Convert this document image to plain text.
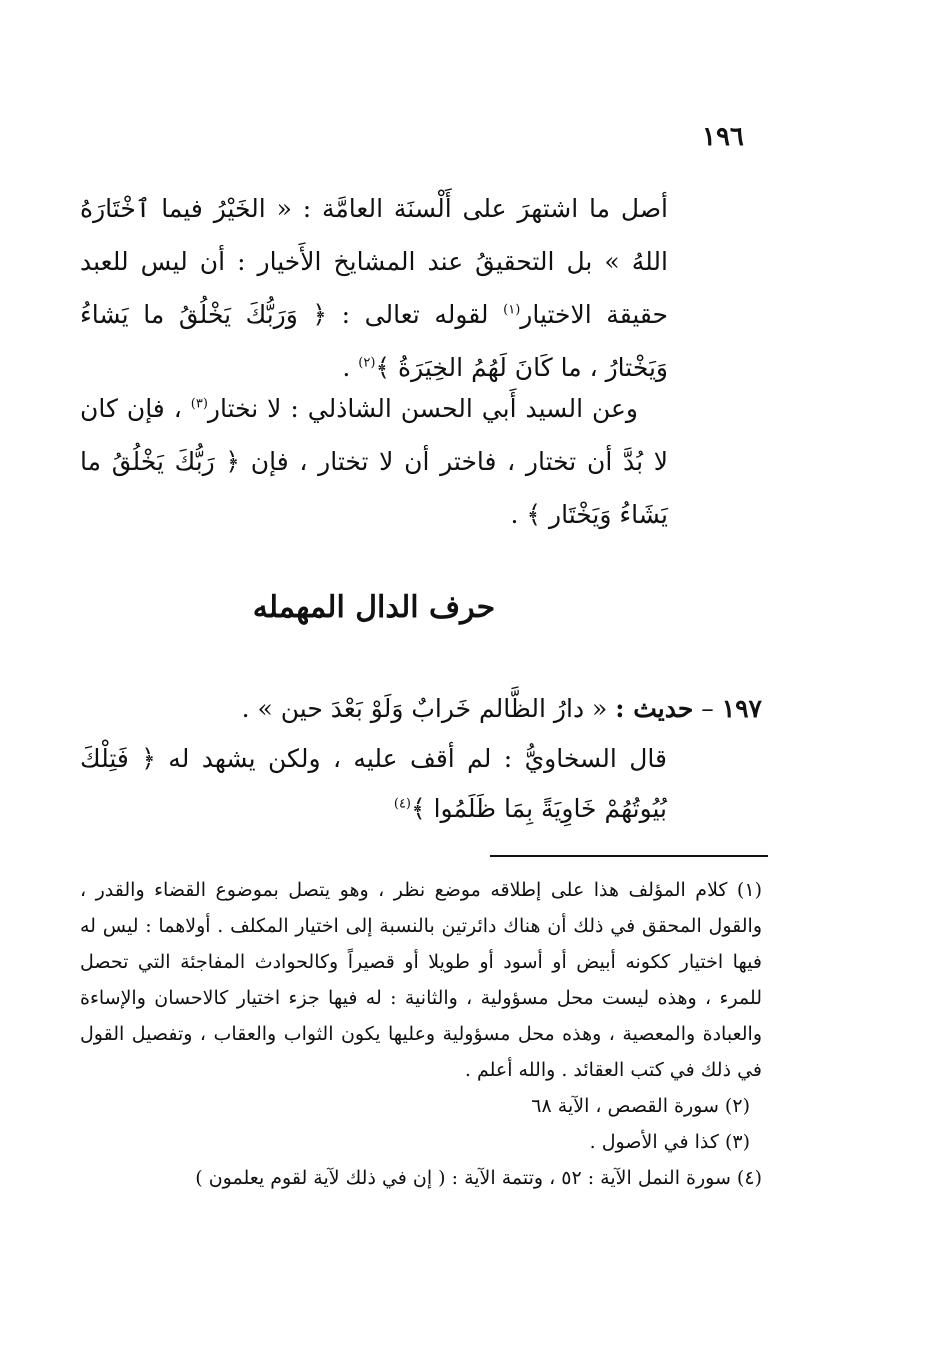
١٩٦

أصل ما اشتهرَ على أَلْسنَة العامَّة : « الخَيْرُ فيما ٱخْتَارَهُ اللهُ » بل التحقيقُ عند المشايخ الأَخيار : أن ليس للعبد حقيقة الاختيار$^{(١)}$ لقوله تعالى : ﴿ وَرَبُّكَ يَخْلُقُ ما يَشاءُ وَيَخْتارُ ، ما كَانَ لَهُمُ الخِيَرَةُ ﴾$^{(٢)}$ .

وعن السيد أَبي الحسن الشاذلي : لا نختار$^{(٣)}$ ، فإن كان لا بُدَّ أن تختار ، فاختر أن لا تختار ، فإن ﴿ رَبُّكَ يَخْلُقُ ما يَشَاءُ وَيَخْتَار ﴾ .

حرف الدال المهمله

١٩٧ – حديث : « دارُ الظَّالم خَرابٌ وَلَوْ بَعْدَ حين » .

قال السخاويُّ : لم أقف عليه ، ولكن يشهد له ﴿ فَتِلْكَ بُيُوتُهُمْ خَاوِيَةً بِمَا ظَلَمُوا ﴾$^{(٤)}$

(١) كلام المؤلف هذا على إطلاقه موضع نظر ، وهو يتصل بموضوع القضاء والقدر ، والقول المحقق في ذلك أن هناك دائرتين بالنسبة إلى اختيار المكلف . أولاهما : ليس له فيها اختيار ككونه أبيض أو أسود أو طويلا أو قصيراً وكالحوادث المفاجئة التي تحصل للمرء ، وهذه ليست محل مسؤولية ، والثانية : له فيها جزء اختيار كالاحسان والإساءة والعبادة والمعصية ، وهذه محل مسؤولية وعليها يكون الثواب والعقاب ، وتفصيل القول في ذلك في كتب العقائد . والله أعلم .

(٢) سورة القصص ، الآية ٦٨

(٣) كذا في الأصول .

(٤) سورة النمل الآية : ٥٢ ، وتتمة الآية : ( إن في ذلك لآية لقوم يعلمون )
